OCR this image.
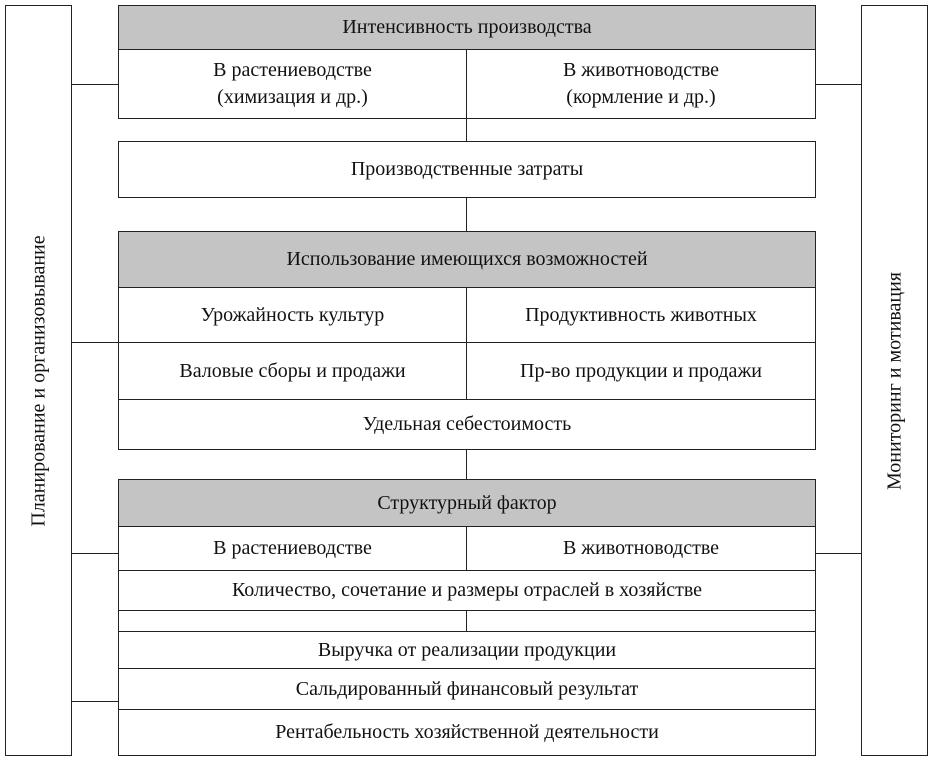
Планирование и организовывание	Мониторинг и мотивация
Интенсивность производства
В растениеводстве
(химизация и др.)
В животноводстве
(кормление и др.)
Производственные затраты
Использование имеющихся возможностей
Урожайность культур	Продуктивность животных
Валовые сборы и продажи	Пр-во продукции и продажи
Удельная себестоимость
Структурный фактор
В растениеводстве	В животноводстве
Количество, сочетание и размеры отраслей в хозяйстве
Выручка от реализации продукции
Сальдированный финансовый результат
Рентабельность хозяйственной деятельности
